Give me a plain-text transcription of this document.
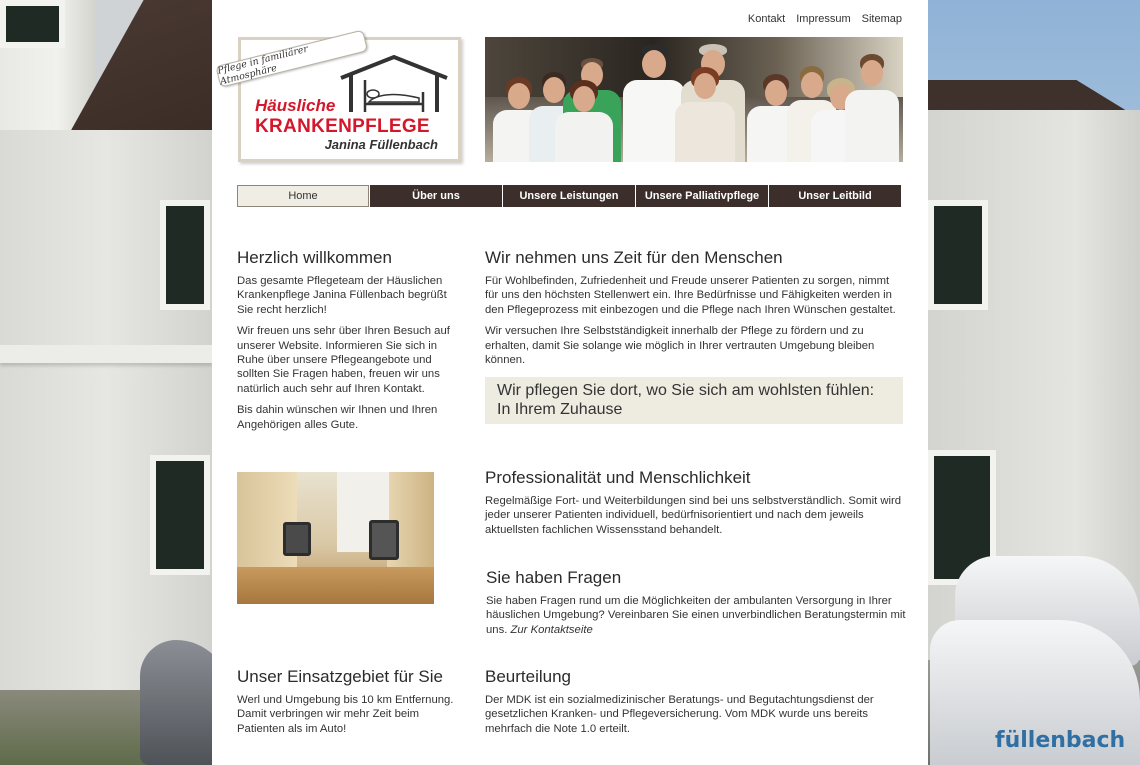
füllenbach
Kontakt Impressum Sitemap
Häusliche
KRANKENPFLEGE
Janina Füllenbach
Pflege in familiärer Atmosphäre
Home	Über uns	Unsere Leistungen	Unsere Palliativpflege	Unser Leitbild
Herzlich willkommen

Das gesamte Pflegeteam der Häuslichen Krankenpflege Janina Füllenbach begrüßt Sie recht herzlich!

Wir freuen uns sehr über Ihren Besuch auf unserer Website. Informieren Sie sich in Ruhe über unsere Pflegeangebote und sollten Sie Fragen haben, freuen wir uns natürlich auch sehr auf Ihren Kontakt.

Bis dahin wünschen wir Ihnen und Ihren Angehörigen alles Gute.

Wir nehmen uns Zeit für den Menschen

Für Wohlbefinden, Zufriedenheit und Freude unserer Patienten zu sorgen, nimmt für uns den höchsten Stellenwert ein. Ihre Bedürfnisse und Fähigkeiten werden in den Pflegeprozess mit einbezogen und die Pflege nach Ihren Wünschen gestaltet.

Wir versuchen Ihre Selbstständigkeit innerhalb der Pflege zu fördern und zu erhalten, damit Sie solange wie möglich in Ihrer vertrauten Umgebung bleiben können.

Wir pflegen Sie dort, wo Sie sich am wohlsten fühlen: In Ihrem Zuhause
Professionalität und Menschlichkeit

Regelmäßige Fort- und Weiterbildungen sind bei uns selbstverständlich. Somit wird jeder unserer Patienten individuell, bedürfnisorientiert und nach dem jeweils aktuellsten fachlichen Wissensstand behandelt.

Sie haben Fragen

Sie haben Fragen rund um die Möglichkeiten der ambulanten Versorgung in Ihrer häuslichen Umgebung? Vereinbaren Sie einen unverbindlichen Beratungstermin mit uns. Zur Kontaktseite

Unser Einsatzgebiet für Sie

Werl und Umgebung bis 10 km Entfernung. Damit verbringen wir mehr Zeit beim Patienten als im Auto!

Beurteilung

Der MDK ist ein sozialmedizinischer Beratungs- und Begutachtungsdienst der gesetzlichen Kranken- und Pflegeversicherung. Vom MDK wurde uns bereits mehrfach die Note 1.0 erteilt.
